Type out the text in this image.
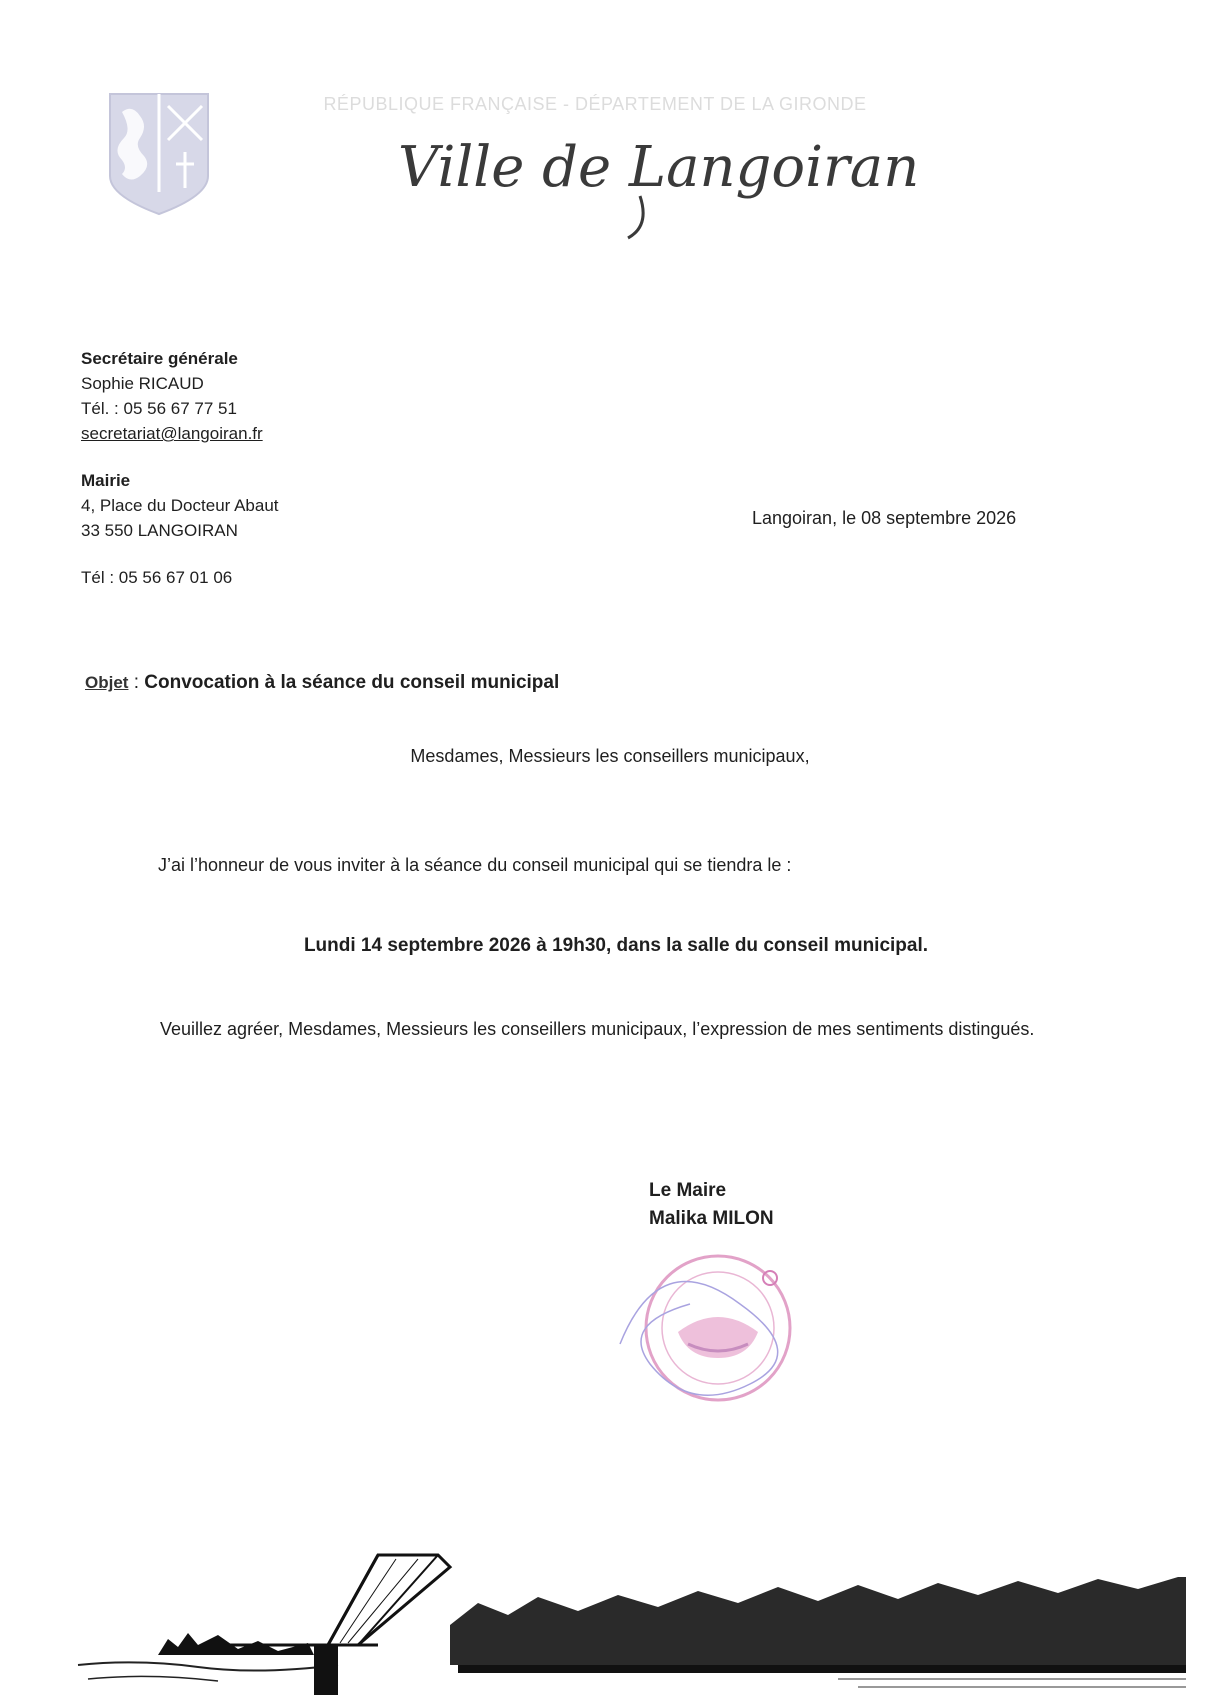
RÉPUBLIQUE FRANÇAISE - DÉPARTEMENT DE LA GIRONDE
Ville de Langoiran
Secrétaire générale
Sophie RICAUD
Tél. : 05 56 67 77 51
secretariat@langoiran.fr
Mairie
4, Place du Docteur Abaut
33 550 LANGOIRAN
Tél : 05 56 67 01 06
Langoiran, le 08 septembre 2026
Objet : Convocation à la séance du conseil municipal
Mesdames, Messieurs les conseillers municipaux,
J’ai l’honneur de vous inviter à la séance du conseil municipal qui se tiendra le :
Lundi 14 septembre 2026 à 19h30, dans la salle du conseil municipal.
Veuillez agréer, Mesdames, Messieurs les conseillers municipaux, l’expression de mes sentiments distingués.
Le Maire
Malika MILON
